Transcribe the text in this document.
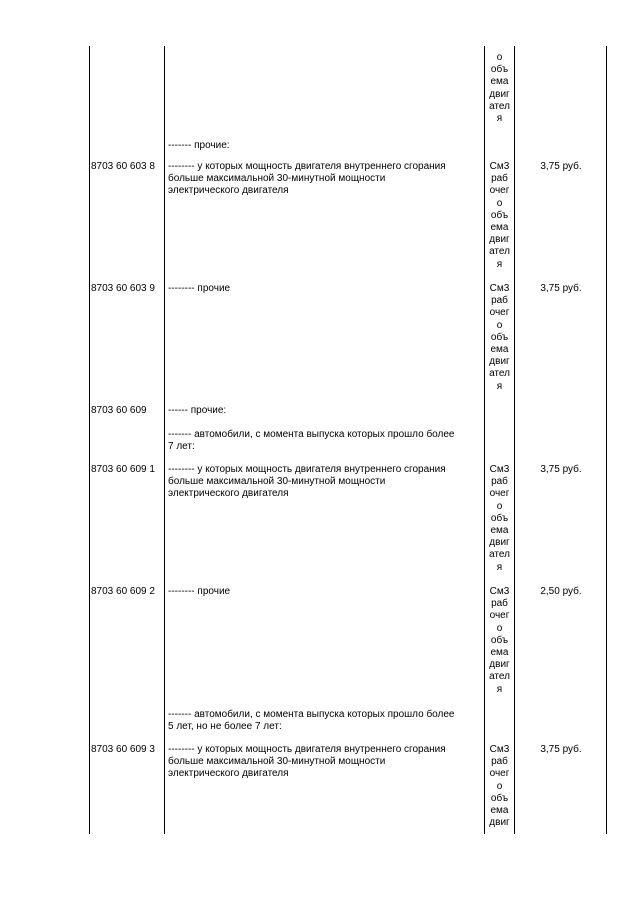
о
объ
ема
двиг
ател
я
------- прочие:
8703 60 603 8 -------- у которых мощность двигателя внутреннего сгорания
больше максимальной 30-минутной мощности
электрического двигателя
См3
раб
очег
о
объ
ема
двиг
ател
я
3,75 руб.
8703 60 603 9 -------- прочие	См3
раб
очег
о
объ
ема
двиг
ател
я
3,75 руб.
8703 60 609 ------ прочие:
------- автомобили, с момента выпуска которых прошло более
7 лет:
8703 60 609 1 -------- у которых мощность двигателя внутреннего сгорания
больше максимальной 30-минутной мощности
электрического двигателя
См3
раб
очег
о
объ
ема
двиг
ател
я
3,75 руб.
8703 60 609 2 -------- прочие	См3
раб
очег
о
объ
ема
двиг
ател
я
2,50 руб.
------- автомобили, с момента выпуска которых прошло более
5 лет, но не более 7 лет:
8703 60 609 3 -------- у которых мощность двигателя внутреннего сгорания
больше максимальной 30-минутной мощности
электрического двигателя
См3
раб
очег
о
объ
ема
двиг
3,75 руб.
